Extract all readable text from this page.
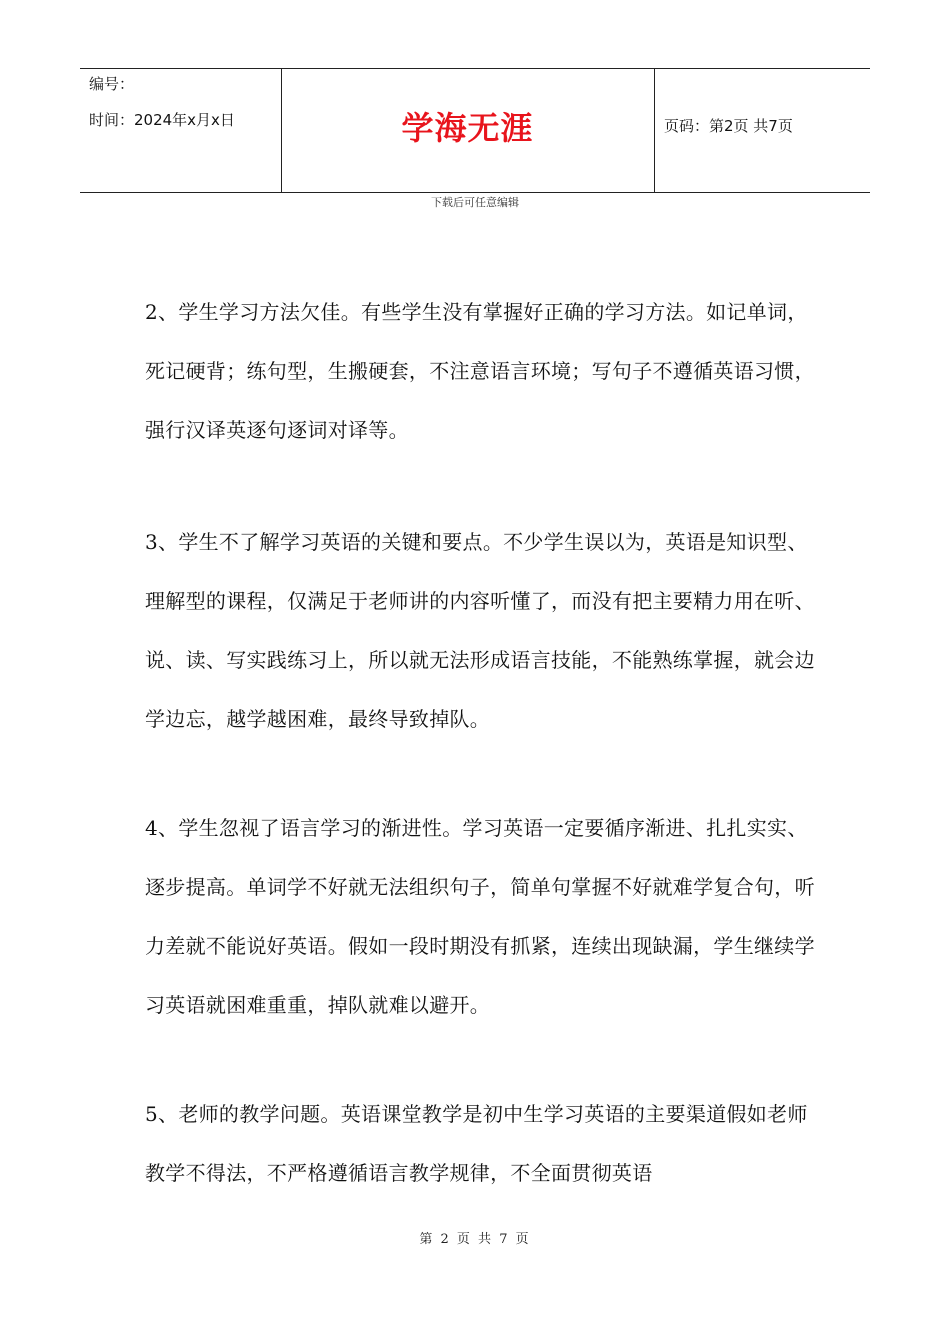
编号：
时间：2024年x月x日	学海无涯	页码：第2页 共7页
下载后可任意编辑

2、学生学习方法欠佳。有些学生没有掌握好正确的学习方法。如记单词，死记硬背；练句型，生搬硬套，不注意语言环境；写句子不遵循英语习惯，强行汉译英逐句逐词对译等。

3、学生不了解学习英语的关键和要点。不少学生误以为，英语是知识型、理解型的课程，仅满足于老师讲的内容听懂了，而没有把主要精力用在听、说、读、写实践练习上，所以就无法形成语言技能，不能熟练掌握，就会边学边忘，越学越困难，最终导致掉队。

4、学生忽视了语言学习的渐进性。学习英语一定要循序渐进、扎扎实实、逐步提高。单词学不好就无法组织句子，简单句掌握不好就难学复合句，听力差就不能说好英语。假如一段时期没有抓紧，连续出现缺漏，学生继续学习英语就困难重重，掉队就难以避开。

5、老师的教学问题。英语课堂教学是初中生学习英语的主要渠道假如老师教学不得法，不严格遵循语言教学规律，不全面贯彻英语

第 2 页 共 7 页
